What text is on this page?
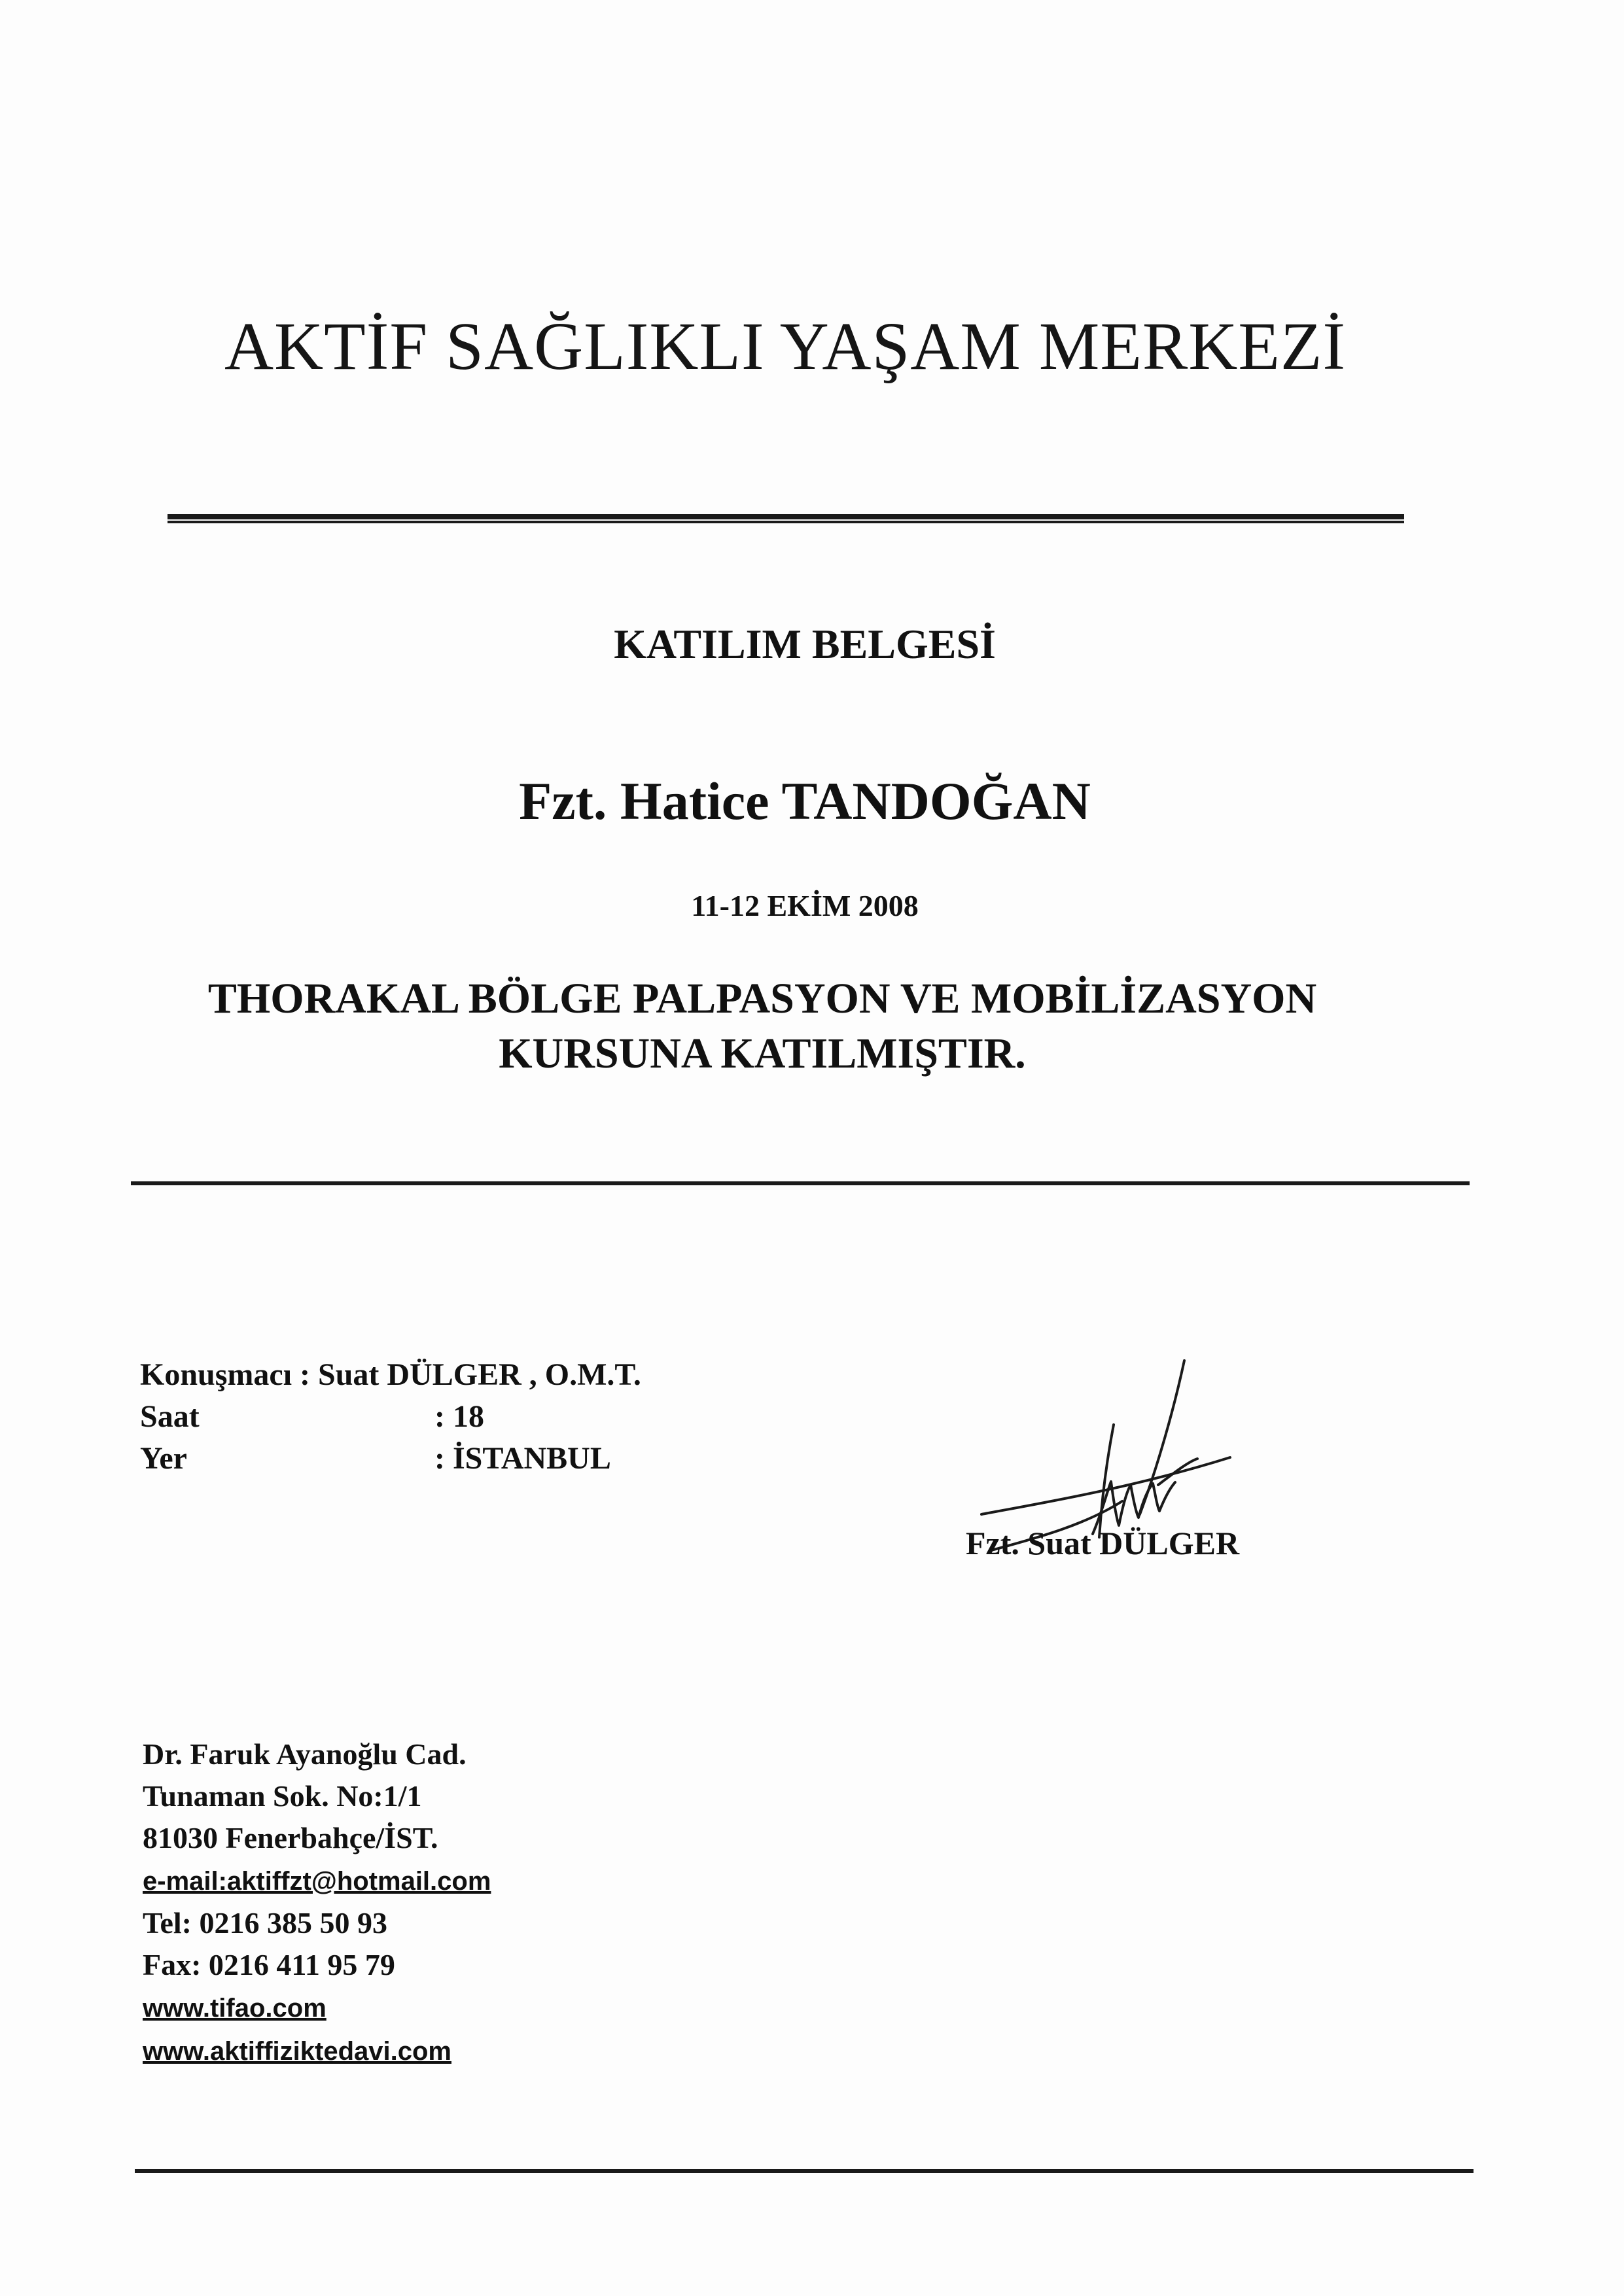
AKTİF SAĞLIKLI YAŞAM MERKEZİ
KATILIM BELGESİ
Fzt. Hatice TANDOĞAN
11-12 EKİM 2008
THORAKAL BÖLGE PALPASYON VE MOBİLİZASYON
KURSUNA KATILMIŞTIR.
Konuşmacı : Suat DÜLGER , O.M.T.
Saat	: 18
Yer	: İSTANBUL
Fzt. Suat DÜLGER
Dr. Faruk Ayanoğlu Cad.
Tunaman Sok. No:1/1
81030 Fenerbahçe/İST.
e-mail:aktiffzt@hotmail.com
Tel: 0216 385 50 93
Fax: 0216 411 95 79
www.tifao.com
www.aktiffiziktedavi.com
